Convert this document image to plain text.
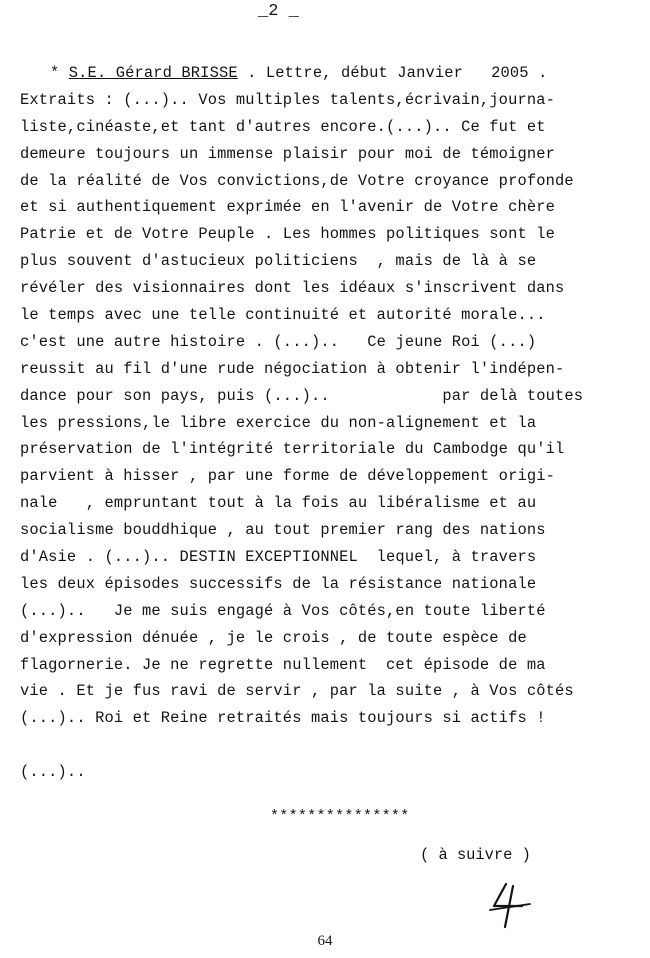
_2 _
* S.E. Gérard BRISSE . Lettre, début Janvier   2005 .
Extraits : (...).. Vos multiples talents,écrivain,journa-
liste,cinéaste,et tant d'autres encore.(...).. Ce fut et
demeure toujours un immense plaisir pour moi de témoigner
de la réalité de Vos convictions,de Votre croyance profonde
et si authentiquement exprimée en l'avenir de Votre chère
Patrie et de Votre Peuple . Les hommes politiques sont le
plus souvent d'astucieux politiciens  , mais de là à se
révéler des visionnaires dont les idéaux s'inscrivent dans
le temps avec une telle continuité et autorité morale...
c'est une autre histoire . (...)..   Ce jeune Roi (...)
reussit au fil d'une rude négociation à obtenir l'indépen-
dance pour son pays, puis (...)..            par delà toutes
les pressions,le libre exercice du non-alignement et la
préservation de l'intégrité territoriale du Cambodge qu'il
parvient à hisser , par une forme de développement origi-
nale   , empruntant tout à la fois au libéralisme et au
socialisme bouddhique , au tout premier rang des nations
d'Asie . (...).. DESTIN EXCEPTIONNEL  lequel, à travers
les deux épisodes successifs de la résistance nationale
(...)..   Je me suis engagé à Vos côtés,en toute liberté
d'expression dénuée , je le crois , de toute espèce de
flagornerie. Je ne regrette nullement  cet épisode de ma
vie . Et je fus ravi de servir , par la suite , à Vos côtés
(...).. Roi et Reine retraités mais toujours si actifs !
(...)..
***************
( à suivre )
64
